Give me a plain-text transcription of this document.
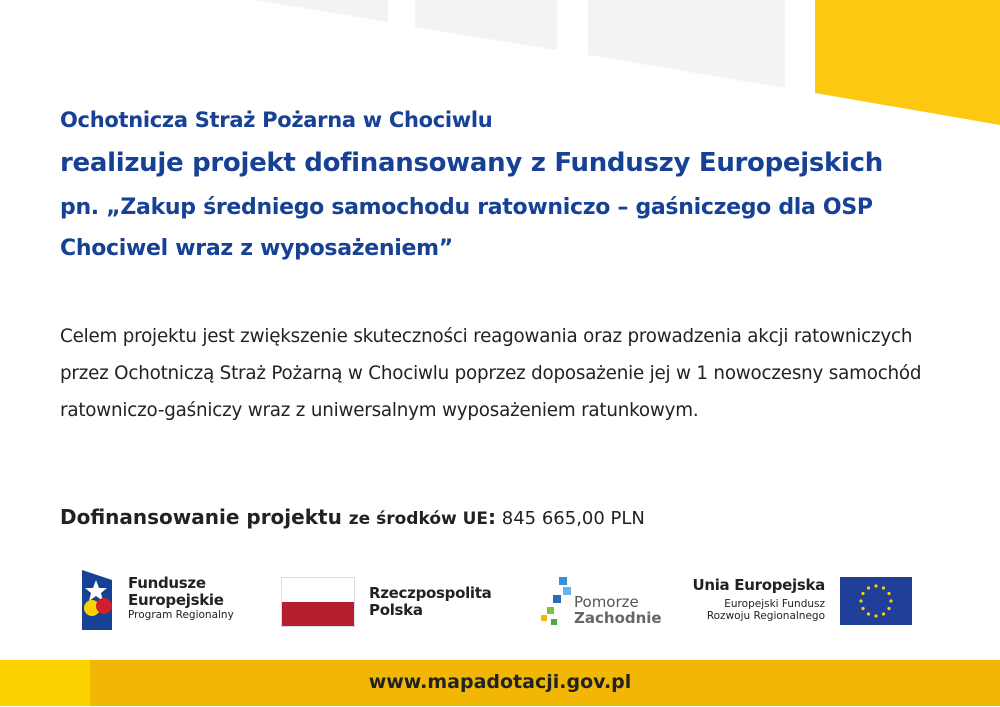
Ochotnicza Straż Pożarna w Chociwlu
realizuje projekt dofinansowany z Funduszy Europejskich
pn. „Zakup średniego samochodu ratowniczo – gaśniczego dla OSP
Chociwel wraz z wyposażeniem”
Celem projektu jest zwiększenie skuteczności reagowania oraz prowadzenia akcji ratowniczych przez Ochotniczą Straż Pożarną w Chociwlu poprzez doposażenie jej w 1 nowoczesny samochód ratowniczo-gaśniczy wraz z uniwersalnym wyposażeniem ratunkowym.
Dofinansowanie projektu ze środków UE: 845 665,00 PLN
Fundusze
Europejskie
Program Regionalny
Rzeczpospolita
Polska	Pomorze
Zachodnie
Unia Europejska
Europejski Fundusz
Rozwoju Regionalnego
www.mapadotacji.gov.pl
